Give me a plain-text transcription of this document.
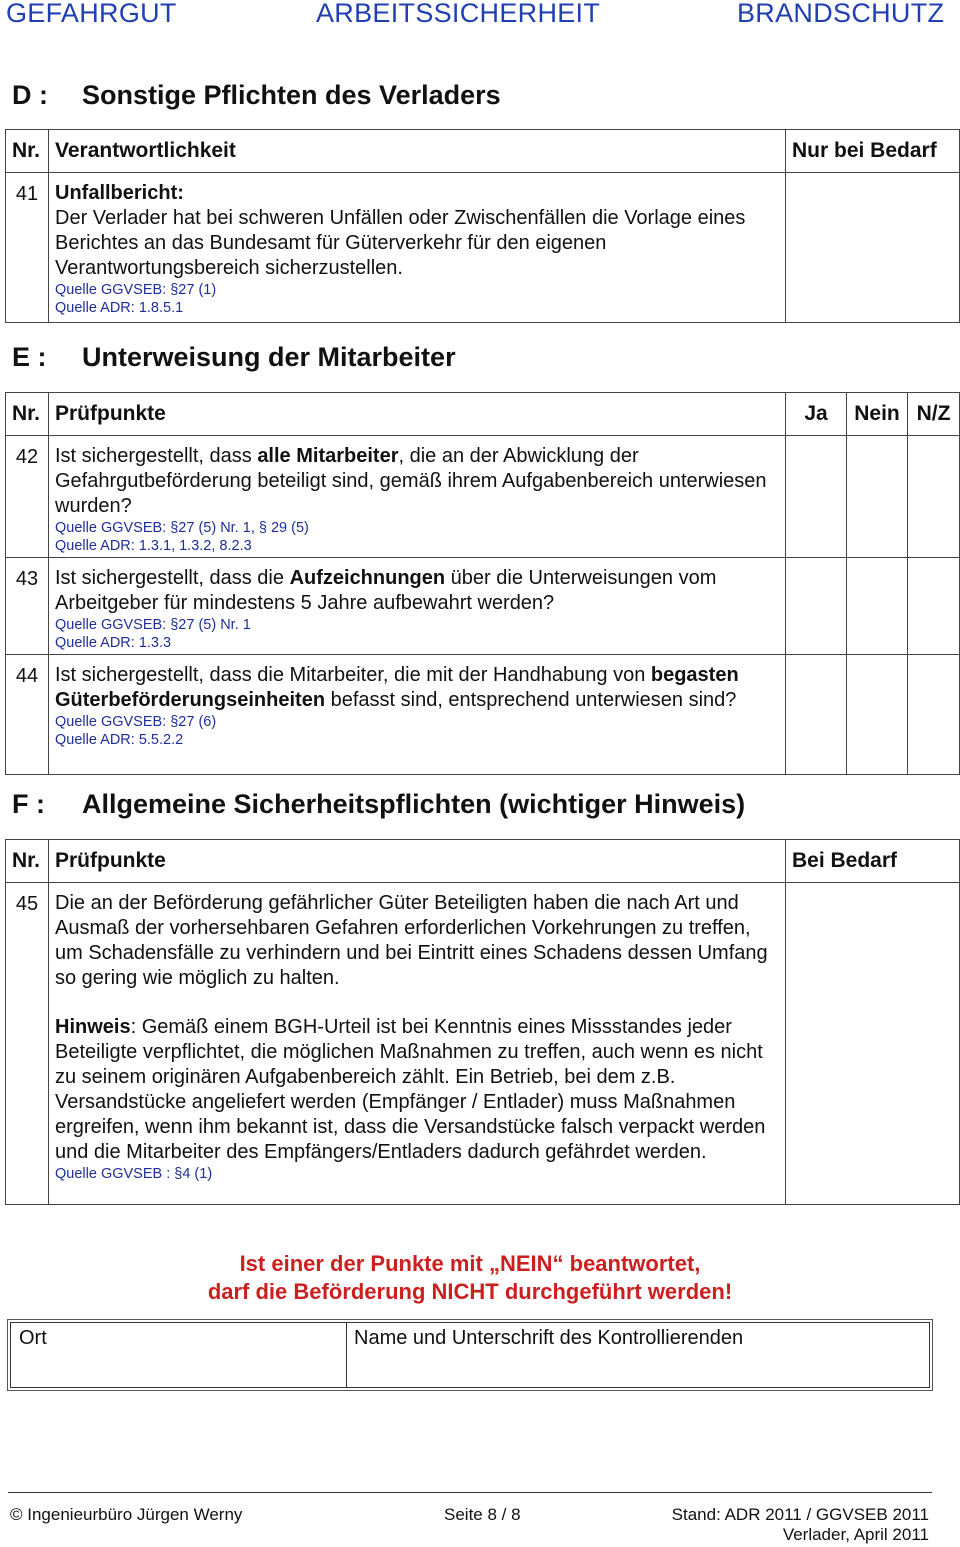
GEFAHRGUT	ARBEITSSICHERHEIT	BRANDSCHUTZ
D : Sonstige Pflichten des Verladers
Nr.	Verantwortlichkeit	Nur bei Bedarf
41	Unfallbericht:
Der Verlader hat bei schweren Unfällen oder Zwischenfällen die Vorlage eines Berichtes an das Bundesamt für Güterverkehr für den eigenen Verantwortungsbereich sicherzustellen.
Quelle GGVSEB: §27 (1)
Quelle ADR: 1.8.5.1	

E : Unterweisung der Mitarbeiter
Nr.	Prüfpunkte	Ja	Nein	N/Z
42	Ist sichergestellt, dass alle Mitarbeiter, die an der Abwicklung der Gefahrgutbeförderung beteiligt sind, gemäß ihrem Aufgabenbereich unterwiesen wurden?
Quelle GGVSEB: §27 (5) Nr. 1, § 29 (5)
Quelle ADR: 1.3.1, 1.3.2, 8.2.3			

43	Ist sichergestellt, dass die Aufzeichnungen über die Unterweisungen vom Arbeitgeber für mindestens 5 Jahre aufbewahrt werden?
Quelle GGVSEB: §27 (5) Nr. 1
Quelle ADR: 1.3.3			

44	Ist sichergestellt, dass die Mitarbeiter, die mit der Handhabung von begasten Güterbeförderungseinheiten befasst sind, entsprechend unterwiesen sind?
Quelle GGVSEB: §27 (6)
Quelle ADR: 5.5.2.2			

F : Allgemeine Sicherheitspflichten (wichtiger Hinweis)
Nr.	Prüfpunkte	Bei Bedarf
45	Die an der Beförderung gefährlicher Güter Beteiligten haben die nach Art und Ausmaß der vorhersehbaren Gefahren erforderlichen Vorkehrungen zu treffen, um Schadensfälle zu verhindern und bei Eintritt eines Schadens dessen Umfang so gering wie möglich zu halten.
Hinweis: Gemäß einem BGH-Urteil ist bei Kenntnis eines Missstandes jeder Beteiligte verpflichtet, die möglichen Maßnahmen zu treffen, auch wenn es nicht zu seinem originären Aufgabenbereich zählt. Ein Betrieb, bei dem z.B. Versandstücke angeliefert werden (Empfänger / Entlader) muss Maßnahmen ergreifen, wenn ihm bekannt ist, dass die Versandstücke falsch verpackt werden und die Mitarbeiter des Empfängers/Entladers dadurch gefährdet werden.
Quelle GGVSEB : §4 (1)	

Ist einer der Punkte mit „NEIN“ beantwortet,
darf die Beförderung NICHT durchgeführt werden!
Ort	Name und Unterschrift des Kontrollierenden
© Ingenieurbüro Jürgen Werny	Seite 8 / 8	Stand: ADR 2011 / GGVSEB 2011
Verlader, April 2011
